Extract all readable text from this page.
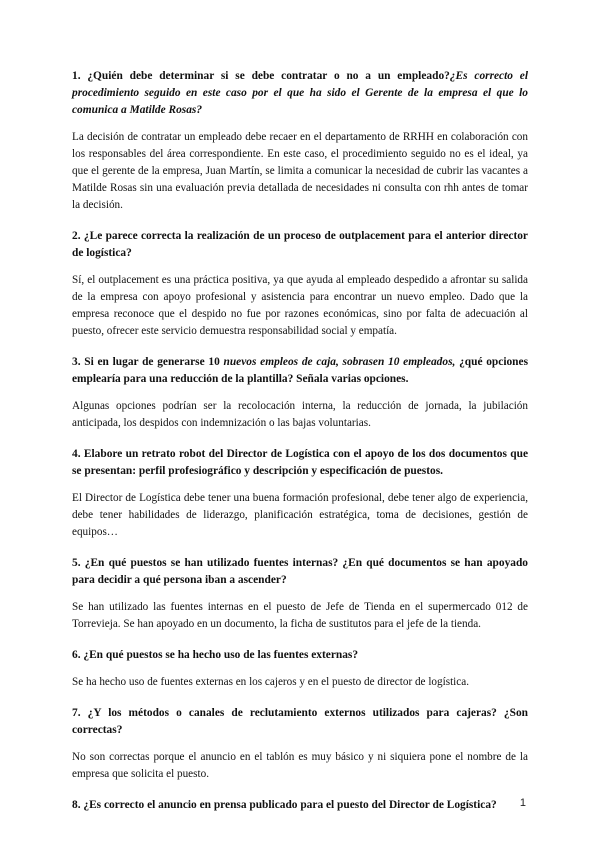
1. ¿Quién debe determinar si se debe contratar o no a un empleado?¿Es correcto el procedimiento seguido en este caso por el que ha sido el Gerente de la empresa el que lo comunica a Matilde Rosas?

La decisión de contratar un empleado debe recaer en el departamento de RRHH en colaboración con los responsables del área correspondiente. En este caso, el procedimiento seguido no es el ideal, ya que el gerente de la empresa, Juan Martín, se limita a comunicar la necesidad de cubrir las vacantes a Matilde Rosas sin una evaluación previa detallada de necesidades ni consulta con rhh antes de tomar la decisión.

2. ¿Le parece correcta la realización de un proceso de outplacement para el anterior director de logística?

Sí, el outplacement es una práctica positiva, ya que ayuda al empleado despedido a afrontar su salida de la empresa con apoyo profesional y asistencia para encontrar un nuevo empleo. Dado que la empresa reconoce que el despido no fue por razones económicas, sino por falta de adecuación al puesto, ofrecer este servicio demuestra responsabilidad social y empatía.

3. Si en lugar de generarse 10 nuevos empleos de caja, sobrasen 10 empleados, ¿qué opciones emplearía para una reducción de la plantilla? Señala varias opciones.

Algunas opciones podrían ser la recolocación interna, la reducción de jornada, la jubilación anticipada, los despidos con indemnización o las bajas voluntarias.

4. Elabore un retrato robot del Director de Logística con el apoyo de los dos documentos que se presentan: perfil profesiográfico y descripción y especificación de puestos.

El Director de Logística debe tener una buena formación profesional, debe tener algo de experiencia, debe tener habilidades de liderazgo, planificación estratégica, toma de decisiones, gestión de equipos…

5. ¿En qué puestos se han utilizado fuentes internas? ¿En qué documentos se han apoyado para decidir a qué persona iban a ascender?

Se han utilizado las fuentes internas en el puesto de Jefe de Tienda en el supermercado 012 de Torrevieja. Se han apoyado en un documento, la ficha de sustitutos para el jefe de la tienda.

6. ¿En qué puestos se ha hecho uso de las fuentes externas?

Se ha hecho uso de fuentes externas en los cajeros y en el puesto de director de logística.

7. ¿Y los métodos o canales de reclutamiento externos utilizados para cajeras? ¿Son correctas?

No son correctas porque el anuncio en el tablón es muy básico y ni siquiera pone el nombre de la empresa que solicita el puesto.

8. ¿Es correcto el anuncio en prensa publicado para el puesto del Director de Logística?	1
